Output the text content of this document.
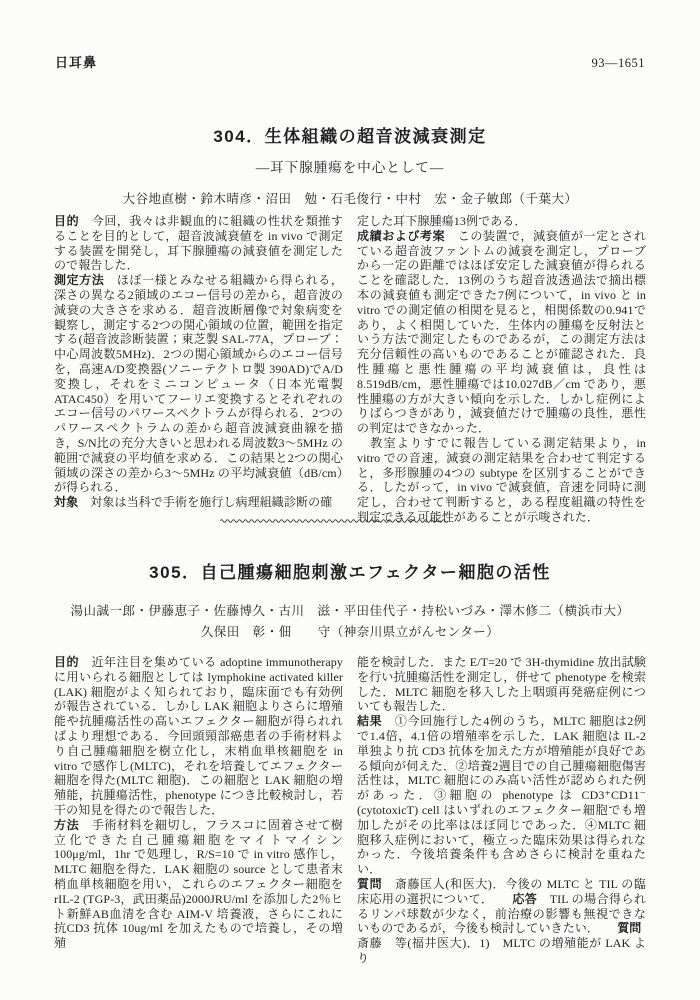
日耳鼻	93—1651
304．生体組織の超音波減衰測定

―耳下腺腫瘍を中心として―

大谷地直樹・鈴木晴彦・沼田　勉・石毛俊行・中村　宏・金子敏郎（千葉大）

目的　今回，我々は非観血的に組織の性状を類推することを目的として，超音波減衰値を in vivo で測定する装置を開発し，耳下腺腫瘍の減衰値を測定したので報告した．

測定方法　ほぼ一様とみなせる組織から得られる，深さの異なる2領域のエコー信号の差から，超音波の減衰の大きさを求める．超音波断層像で対象病変を観察し，測定する2つの関心領域の位置，範囲を指定する(超音波診断装置；東芝製 SAL-77A，プローブ：中心周波数5MHz)．2つの関心領域からのエコー信号を，高速A/D変換器(ソニーテクトロ製 390AD)でA/D変換し，それをミニコンピュータ（日本光電製 ATAC450）を用いてフーリエ変換するとそれぞれのエコー信号のパワースペクトラムが得られる．2つのパワースペクトラムの差から超音波減衰曲線を描き，S/N比の充分大きいと思われる周波数3～5MHz の範囲で減衰の平均値を求める．この結果と2つの関心領域の深さの差から3～5MHz の平均減衰値（dB/cm）が得られる．

対象　対象は当科で手術を施行し病理組織診断の確

定した耳下腺腫瘍13例である．

成績および考案　この装置で，減衰値が一定とされている超音波ファントムの減衰を測定し，プローブから一定の距離ではほぼ安定した減衰値が得られることを確認した．13例のうち超音波透過法で摘出標本の減衰値も測定できた7例について，in vivo と in vitro での測定値の相関を見ると，相関係数の0.941であり，よく相関していた．生体内の腫瘍を反射法という方法で測定したものであるが，この測定方法は充分信頼性の高いものであることが確認された．良性腫瘍と悪性腫瘍の平均減衰値は，良性は 8.519dB/cm，悪性腫瘍では10.027dB／cm であり，悪性腫瘍の方が大きい傾向を示した．しかし症例によりばらつきがあり，減衰値だけで腫瘍の良性，悪性の判定はできなかった．

　教室よりすでに報告している測定結果より，in vitro での音速，減衰の測定結果を合わせて判定すると，多形腺腫の4つの subtype を区別することができる．したがって，in vivo で減衰値，音速を同時に測定し，合わせて判断すると，ある程度組織の特性を判定できる可能性があることが示唆された．

305．自己腫瘍細胞刺激エフェクター細胞の活性

湯山誠一郎・伊藤恵子・佐藤博久・古川　滋・平田佳代子・持松いづみ・澤木修二（横浜市大）
久保田　彰・佃　　守（神奈川県立がんセンター）

目的　近年注目を集めている adoptine immunotherapy に用いられる細胞としては lymphokine activated killer (LAK) 細胞がよく知られており，臨床面でも有効例が報告されている．しかし LAK 細胞よりさらに増殖能や抗腫瘍活性の高いエフェクター細胞が得られればより理想である．今回頭頸部癌患者の手術材料より自己腫瘍細胞を樹立化し，末梢血単核細胞を in vitro で感作し(MLTC)，それを培養してエフェクター細胞を得た(MLTC 細胞)．この細胞と LAK 細胞の増殖能，抗腫瘍活性，phenotype につき比較検討し，若干の知見を得たので報告した．

方法　手術材料を細切し，フラスコに固着させて樹立化できた自己腫瘍細胞をマイトマイシン 100μg/ml，1hr で処理し，R/S=10 で in vitro 感作し，MLTC 細胞を得た．LAK 細胞の source として患者末梢血単核細胞を用い，これらのエフェクター細胞を rIL-2 (TGP-3，武田薬品)2000JRU/ml を添加した2％ヒト新鮮AB血清を含む AIM-V 培養液，さらにこれに抗CD3 抗体 10ug/ml を加えたもので培養し，その増殖

能を検討した．また E/T=20 で 3H-thymidine 放出試験を行い抗腫瘍活性を測定し，併せて phenotype を検索した．MLTC 細胞を移入した上咽頭再発癌症例についても報告した．

結果　①今回施行した4例のうち，MLTC 細胞は2例で1.4倍，4.1倍の増殖率を示した．LAK 細胞は IL-2 単独より抗 CD3 抗体を加えた方が増殖能が良好である傾向が伺えた．②培養2週目での自己腫瘍細胞傷害活性は，MLTC 細胞にのみ高い活性が認められた例があった．③細胞の phenotype は CD3⁺CD11⁻ (cytotoxicT) cell はいずれのエフェクター細胞でも増加したがその比率はほぼ同じであった．④MLTC 細胞移入症例において，極立った臨床効果は得られなかった．今後培養条件も含めさらに検討を重ねたい．

質問　斎藤匡人(和医大)．今後の MLTC と TIL の臨床応用の選択について．　　応答　TIL の場合得られるリンパ球数が少なく，前治療の影響も無視できないものであるが，今後も検討していきたい．　　質問　斎藤　等(福井医大)．1)　MLTC の増殖能が LAK より
